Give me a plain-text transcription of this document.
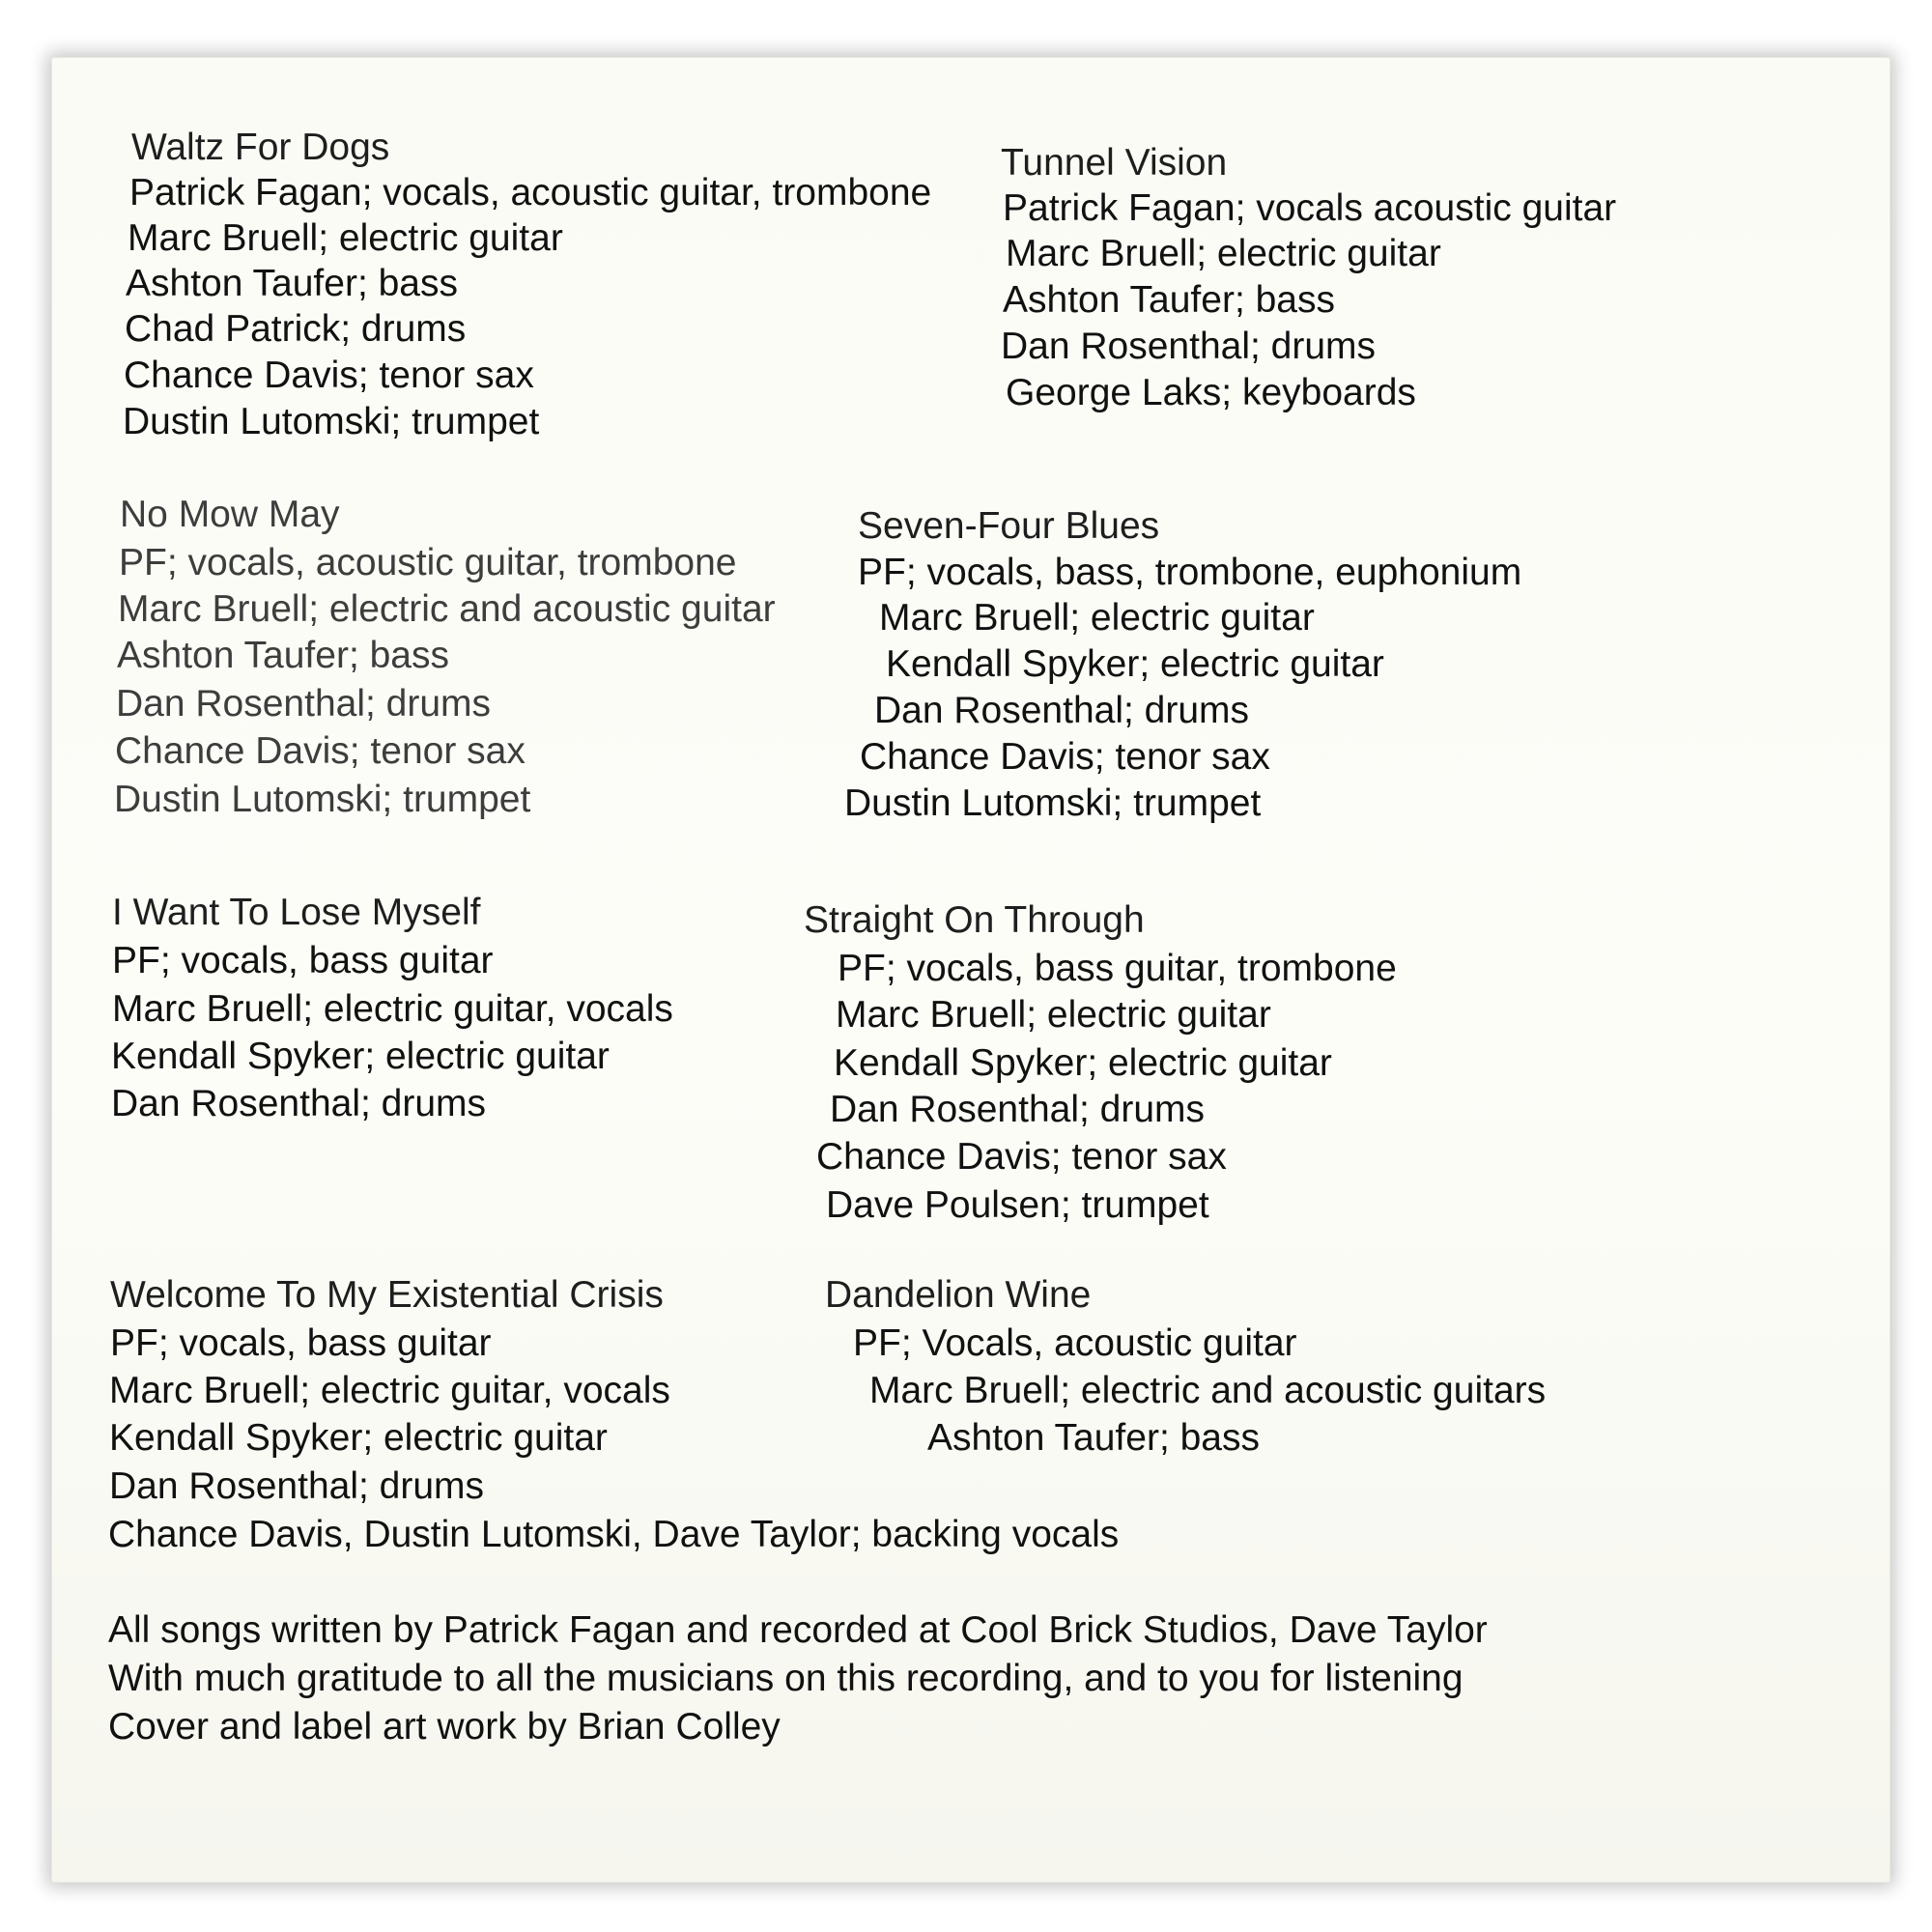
Waltz For Dogs
Patrick Fagan; vocals, acoustic guitar, trombone
Marc Bruell; electric guitar
Ashton Taufer; bass
Chad Patrick; drums
Chance Davis; tenor sax
Dustin Lutomski; trumpet
Tunnel Vision
Patrick Fagan; vocals acoustic guitar
Marc Bruell; electric guitar
Ashton Taufer; bass
Dan Rosenthal; drums
George Laks; keyboards
No Mow May
PF; vocals, acoustic guitar, trombone
Marc Bruell; electric and acoustic guitar
Ashton Taufer; bass
Dan Rosenthal; drums
Chance Davis; tenor sax
Dustin Lutomski; trumpet
Seven-Four Blues
PF; vocals, bass, trombone, euphonium
Marc Bruell; electric guitar
Kendall Spyker; electric guitar
Dan Rosenthal; drums
Chance Davis; tenor sax
Dustin Lutomski; trumpet
I Want To Lose Myself
PF; vocals, bass guitar
Marc Bruell; electric guitar, vocals
Kendall Spyker; electric guitar
Dan Rosenthal; drums
Straight On Through
PF; vocals, bass guitar, trombone
Marc Bruell; electric guitar
Kendall Spyker; electric guitar
Dan Rosenthal; drums
Chance Davis; tenor sax
Dave Poulsen; trumpet
Welcome To My Existential Crisis
PF; vocals, bass guitar
Marc Bruell; electric guitar, vocals
Kendall Spyker; electric guitar
Dan Rosenthal; drums
Chance Davis, Dustin Lutomski, Dave Taylor; backing vocals
Dandelion Wine
PF; Vocals, acoustic guitar
Marc Bruell; electric and acoustic guitars
Ashton Taufer; bass
All songs written by Patrick Fagan and recorded at Cool Brick Studios, Dave Taylor
With much gratitude to all the musicians on this recording, and to you for listening
Cover and label art work by Brian Colley
